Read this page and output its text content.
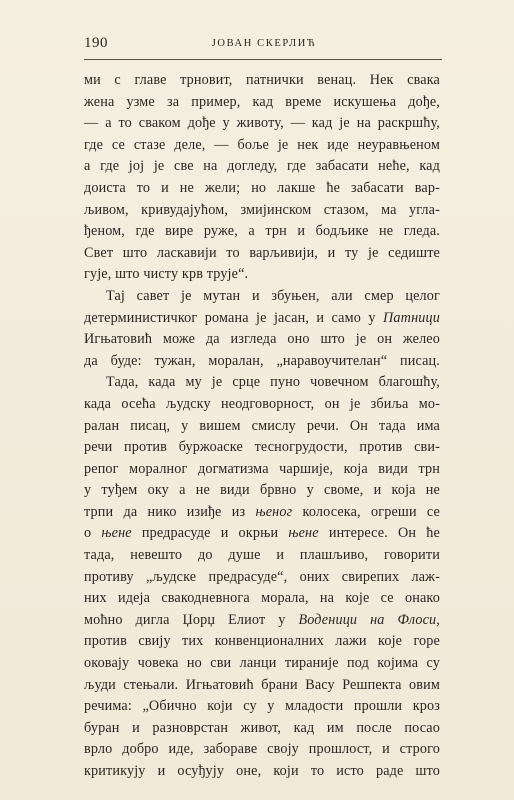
190	ЈОВАН СКЕРЛИЋ
ми с главе трновит, патнички венац. Нек свака
жена узме за пример, кад време искушења дође,
— а то сваком дође у животу, — кад је на раскршћу,
где се стазе деле, — боље је нек иде неуравњеном
а где јој је све на догледу, где забасати неће, кад
доиста то и не жели; но лакше ће забасати вар-
љивом, кривудајућом, змијинском стазом, ма угла-
ђеном, где вире руже, а трн и бодљике не гледа.
Свет што ласкавији то варљивији, и ту је седиште
гује, што чисту крв трује“.
Тај савет је мутан и збуњен, али смер целог
детерминистичког романа је јасан, и само у Патници
Игњатовић може да изгледа оно што је он желео
да буде: тужан, моралан, „наравоучителан“ писац.
Тада, када му је срце пуно човечном благошћу,
када осећа људску неодговорност, он је збиља мо-
ралан писац, у вишем смислу речи. Он тада има
речи против буржоаске тесногрудости, против сви-
репог моралног догматизма чаршије, која види трн
у туђем оку а не види брвно у своме, и која не
трпи да нико изиђе из њеног колосека, огреши се
о њене предрасуде и окрњи њене интересе. Он ће
тада, невешто до душе и плашљиво, говорити
противу „људске предрасуде“, оних свирепих лаж-
них идеја свакодневнога морала, на које се онако
моћно дигла Џорџ Елиот у Воденици на Флоси,
против свију тих конвенционалних лажи које горе
оковају човека но сви ланци тираније под којима су
људи стењали. Игњатовић брани Васу Решпекта овим
речима: „Обично који су у младости прошли кроз
буран и разноврстан живот, кад им после посао
врло добро иде, забораве своју прошлост, и строго
критикују и осуђују оне, који то исто раде што
